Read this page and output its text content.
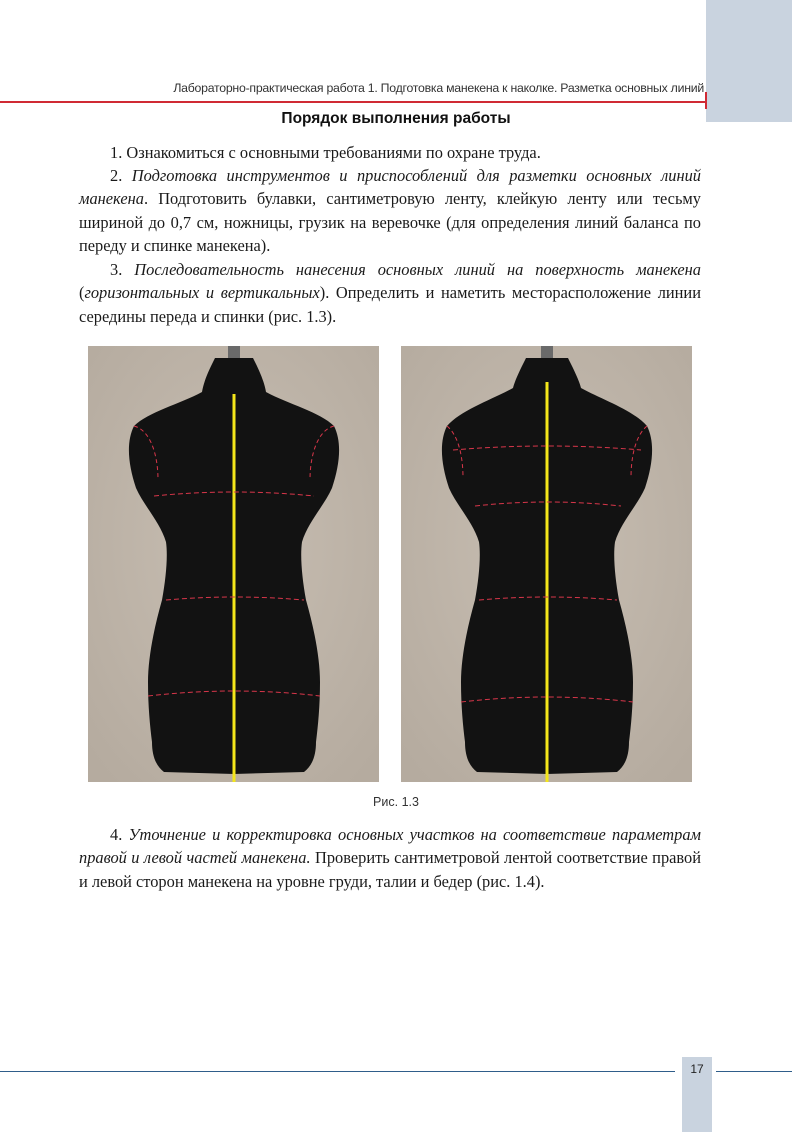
Лабораторно-практическая работа 1. Подготовка манекена к наколке. Разметка основных линий
Порядок выполнения работы

1. Ознакомиться с основными требованиями по охране труда.

2. Подготовка инструментов и приспособлений для разметки основных линий манекена. Подготовить булавки, сантиметровую ленту, клейкую ленту или тесьму шириной до 0,7 см, ножницы, грузик на веревочке (для определения линий баланса по переду и спинке манекена).

3. Последовательность нанесения основных линий на поверхность манекена (горизонтальных и вертикальных). Определить и наметить месторасположение линии середины переда и спинки (рис. 1.3).

Рис. 1.3

4. Уточнение и корректировка основных участков на соответствие параметрам правой и левой частей манекена. Проверить сантиметровой лентой соответствие правой и левой сторон манекена на уровне груди, талии и бедер (рис. 1.4).

17
